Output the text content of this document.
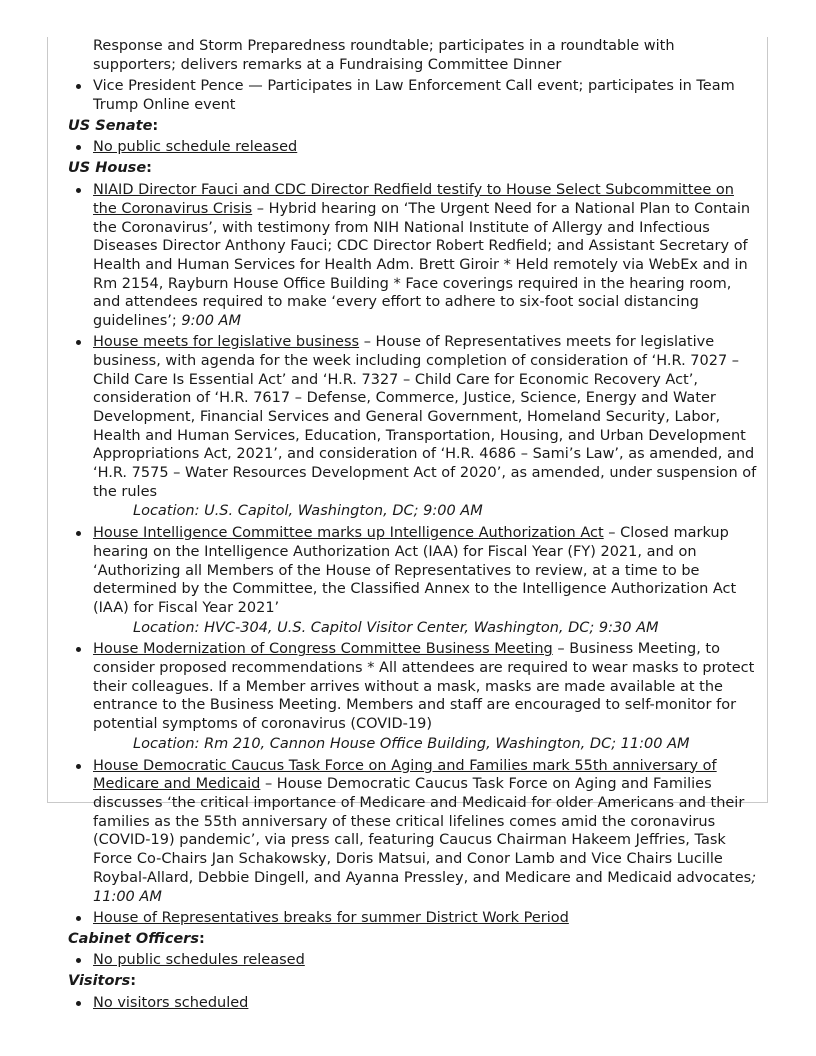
Response and Storm Preparedness roundtable; participates in a roundtable with supporters; delivers remarks at a Fundraising Committee Dinner
Vice President Pence — Participates in Law Enforcement Call event; participates in Team Trump Online event
US Senate:
No public schedule released
US House:
NIAID Director Fauci and CDC Director Redfield testify to House Select Subcommittee on the Coronavirus Crisis – Hybrid hearing on ‘The Urgent Need for a National Plan to Contain the Coronavirus’, with testimony from NIH National Institute of Allergy and Infectious Diseases Director Anthony Fauci; CDC Director Robert Redfield; and Assistant Secretary of Health and Human Services for Health Adm. Brett Giroir * Held remotely via WebEx and in Rm 2154, Rayburn House Office Building * Face coverings required in the hearing room, and attendees required to make ‘every effort to adhere to six-foot social distancing guidelines’; 9:00 AM
House meets for legislative business – House of Representatives meets for legislative business, with agenda for the week including completion of consideration of ‘H.R. 7027 – Child Care Is Essential Act’ and ‘H.R. 7327 – Child Care for Economic Recovery Act’, consideration of ‘H.R. 7617 – Defense, Commerce, Justice, Science, Energy and Water Development, Financial Services and General Government, Homeland Security, Labor, Health and Human Services, Education, Transportation, Housing, and Urban Development Appropriations Act, 2021’, and consideration of ‘H.R. 4686 – Sami’s Law’, as amended, and ‘H.R. 7575 – Water Resources Development Act of 2020’, as amended, under suspension of the rules
Location: U.S. Capitol, Washington, DC; 9:00 AM
House Intelligence Committee marks up Intelligence Authorization Act – Closed markup hearing on the Intelligence Authorization Act (IAA) for Fiscal Year (FY) 2021, and on ‘Authorizing all Members of the House of Representatives to review, at a time to be determined by the Committee, the Classified Annex to the Intelligence Authorization Act (IAA) for Fiscal Year 2021’
Location: HVC-304, U.S. Capitol Visitor Center, Washington, DC; 9:30 AM
House Modernization of Congress Committee Business Meeting – Business Meeting, to consider proposed recommendations * All attendees are required to wear masks to protect their colleagues. If a Member arrives without a mask, masks are made available at the entrance to the Business Meeting. Members and staff are encouraged to self-monitor for potential symptoms of coronavirus (COVID-19)
Location: Rm 210, Cannon House Office Building, Washington, DC; 11:00 AM
House Democratic Caucus Task Force on Aging and Families mark 55th anniversary of Medicare and Medicaid – House Democratic Caucus Task Force on Aging and Families discusses ‘the critical importance of Medicare and Medicaid for older Americans and their families as the 55th anniversary of these critical lifelines comes amid the coronavirus (COVID-19) pandemic’, via press call, featuring Caucus Chairman Hakeem Jeffries, Task Force Co-Chairs Jan Schakowsky, Doris Matsui, and Conor Lamb and Vice Chairs Lucille Roybal-Allard, Debbie Dingell, and Ayanna Pressley, and Medicare and Medicaid advocates; 11:00 AM
House of Representatives breaks for summer District Work Period
Cabinet Officers:
No public schedules released
Visitors:
No visitors scheduled
